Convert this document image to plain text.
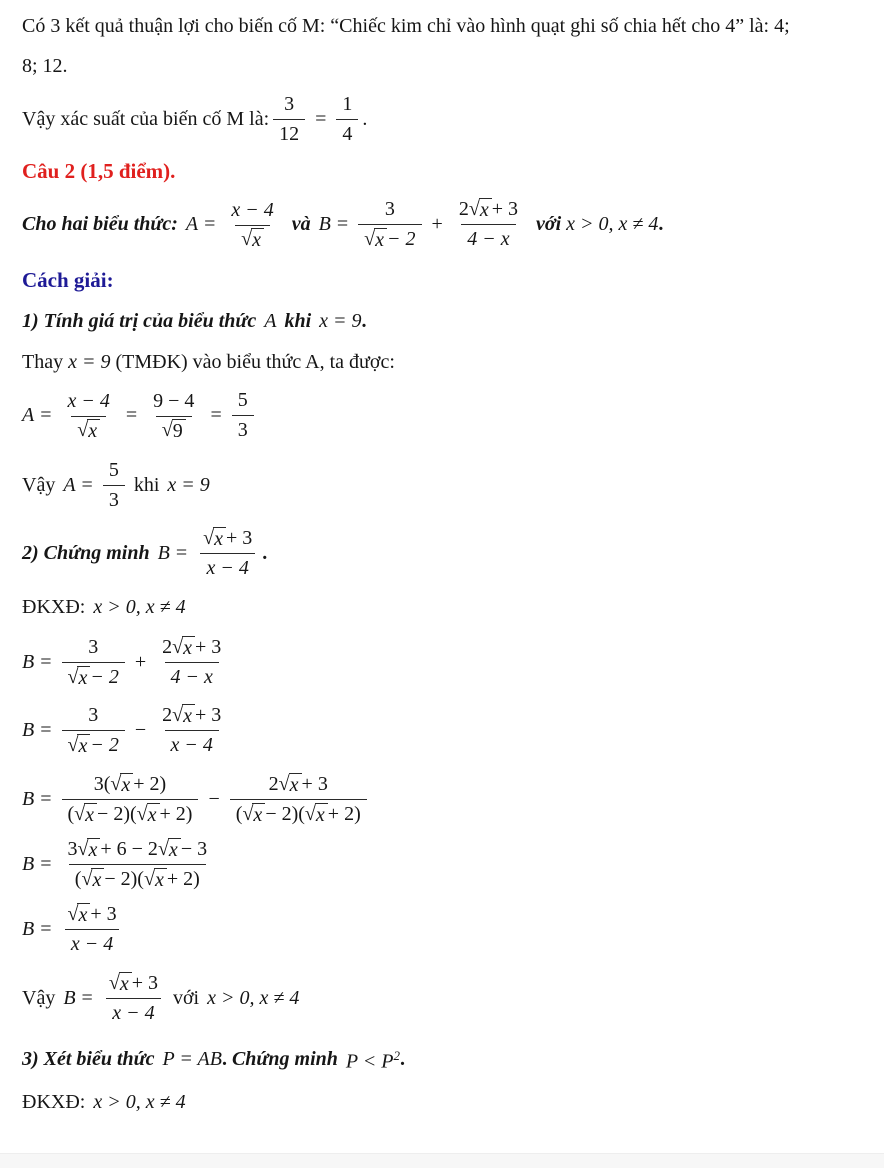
Có 3 kết quả thuận lợi cho biến cố M: “Chiếc kim chỉ vào hình quạt ghi số chia hết cho 4” là: 4;
8; 12.

Vậy xác suất của biến cố M là: $\frac{3}{12} = \frac{1}{4}$ .
Câu 2 (1,5 điểm).
Cho hai biểu thức: $A = \frac{x - 4}{√ x}$ và $B = \frac{3}{√ x - 2} + \frac{2 √ x + 3}{4 - x}$ với x > 0, x ≠ 4 .
Cách giải:
1) Tính giá trị của biểu thức A khi x = 9 .
Thay x = 9 (TMĐK) vào biểu thức A, ta được:
$A = \frac{x - 4}{√ x} = \frac{9 - 4}{√ 9} = \frac{5}{3}$
Vậy $A = \frac{5}{3}$ khi x = 9
2) Chứng minh $B = \frac{√ x + 3}{x - 4}$ .
ĐKXĐ: x > 0, x ≠ 4
$B = \frac{3}{√ x - 2} + \frac{2 √ x + 3}{4 - x}$
$B = \frac{3}{√ x - 2} - \frac{2 √ x + 3}{x - 4}$
$B = \frac{3( √ x + 2)}{( √ x - 2)( √ x + 2)} - \frac{2 √ x + 3}{( √ x - 2)( √ x + 2)}$
$B = \frac{3 √ x + 6 - 2 √ x - 3}{( √ x - 2)( √ x + 2)}$
$B = \frac{√ x + 3}{x - 4}$
Vậy $B = \frac{√ x + 3}{x - 4}$ với x > 0, x ≠ 4
3) Xét biểu thức P = AB . Chứng minh $P < P^2$ .
ĐKXĐ: x > 0, x ≠ 4
